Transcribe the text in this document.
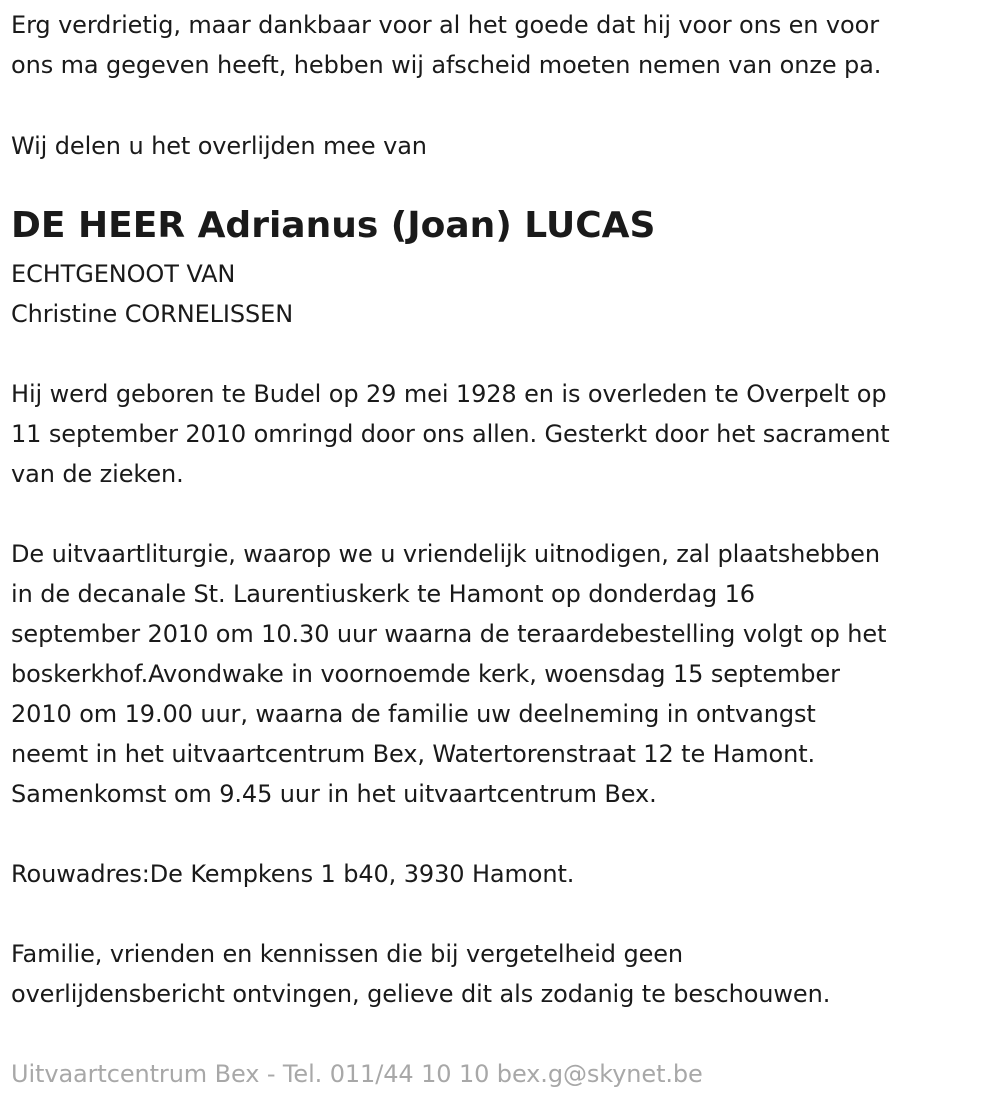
Erg verdrietig, maar dankbaar voor al het goede dat hij voor ons en voor
ons ma gegeven heeft, hebben wij afscheid moeten nemen van onze pa.

Wij delen u het overlijden mee van

DE HEER Adrianus (Joan) LUCAS

ECHTGENOOT VAN

Christine CORNELISSEN

Hij werd geboren te Budel op 29 mei 1928 en is overleden te Overpelt op
11 september 2010 omringd door ons allen. Gesterkt door het sacrament
van de zieken.

De uitvaartliturgie, waarop we u vriendelijk uitnodigen, zal plaatshebben
in de decanale St. Laurentiuskerk te Hamont op donderdag 16
september 2010 om 10.30 uur waarna de teraardebestelling volgt op het
boskerkhof.Avondwake in voornoemde kerk, woensdag 15 september
2010 om 19.00 uur, waarna de familie uw deelneming in ontvangst
neemt in het uitvaartcentrum Bex, Watertorenstraat 12 te Hamont.
Samenkomst om 9.45 uur in het uitvaartcentrum Bex.

Rouwadres:De Kempkens 1 b40, 3930 Hamont.

Familie, vrienden en kennissen die bij vergetelheid geen
overlijdensbericht ontvingen, gelieve dit als zodanig te beschouwen.

Uitvaartcentrum Bex - Tel. 011/44 10 10 bex.g@skynet.be
